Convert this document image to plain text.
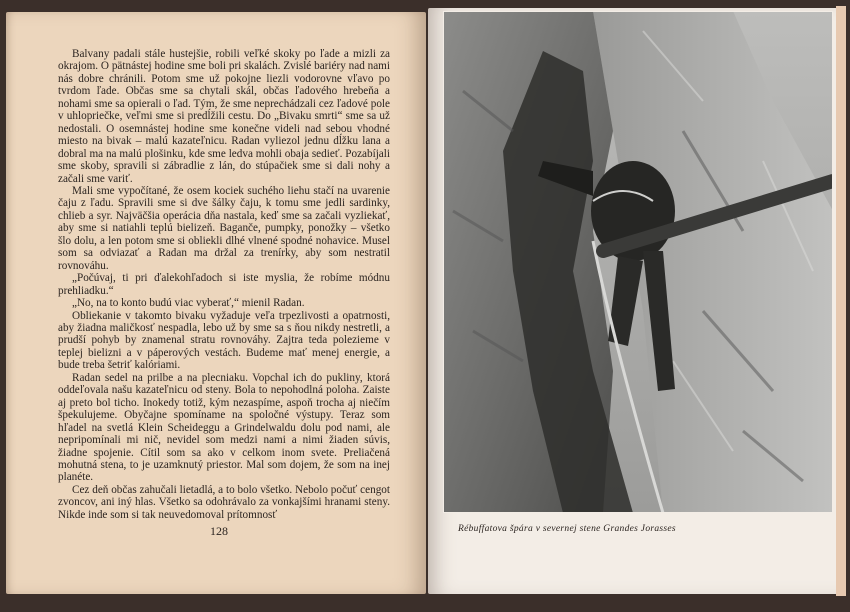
Balvany padali stále hustejšie, robili veľké skoky po ľade a mizli za okrajom. O pätnástej hodine sme boli pri skalách. Zvislé bariéry nad nami nás dobre chránili. Potom sme už pokojne liezli vodorovne vľavo po tvrdom ľade. Občas sme sa chytali skál, občas ľadového hrebeňa a nohami sme sa opierali o ľad. Tým, že sme neprechádzali cez ľadové pole v uhlopriečke, veľmi sme si predĺžili cestu. Do „Bivaku smrti“ sme sa už nedostali. O osemnástej hodine sme konečne videli nad sebou vhodné miesto na bivak – malú kazateľnicu. Radan vyliezol jednu dĺžku lana a dobral ma na malú plošinku, kde sme ledva mohli obaja sedieť. Pozabíjali sme skoby, spravili si zábradlie z lán, do stúpačiek sme si dali nohy a začali sme variť.

Mali sme vypočítané, že osem kociek suchého liehu stačí na uvarenie čaju z ľadu. Spravili sme si dve šálky čaju, k tomu sme jedli sardinky, chlieb a syr. Najväčšia operácia dňa nastala, keď sme sa začali vyzliekať, aby sme si natiahli teplú bielizeň. Bagančе, pumpky, ponožky – všetko šlo dolu, a len potom sme si obliekli dlhé vlnené spodné nohavice. Musel som sa odviazať a Radan ma držal za trenírky, aby som nestratil rovnováhu.

„Počúvaj, ti pri ďalekohľadoch si iste myslia, že robíme módnu prehliadku.“

„No, na to konto budú viac vyberať,“ mienil Radan.

Obliekanie v takomto bivaku vyžaduje veľa trpezlivosti a opatrnosti, aby žiadna maličkosť nespadla, lebo už by sme sa s ňou nikdy nestretli, a prudší pohyb by znamenal stratu rovnováhy. Zajtra teda polezieme v teplej bielizni a v páperových vestách. Budeme mať menej energie, a bude treba šetriť kalóriami.

Radan sedel na prilbe a na plecniaku. Vopchal ich do pukliny, ktorá oddeľovala našu kazateľnicu od steny. Bola to nepohodlná poloha. Zaiste aj preto bol ticho. Inokedy totiž, kým nezaspíme, aspoň trocha aj niečím špekulujeme. Obyčajne spomíname na spoločné výstupy. Teraz som hľadel na svetlá Klein Scheideggu a Grindelwaldu dolu pod nami, ale nepripomínali mi nič, nevidel som medzi nami a nimi žiaden súvis, žiadne spojenie. Cítil som sa ako v celkom inom svete. Preliačená mohutná stena, to je uzamknutý priestor. Mal som dojem, že som na inej planéte.

Cez deň občas zahučali lietadlá, a to bolo všetko. Nebolo počuť cengot zvoncov, ani iný hlas. Všetko sa odohrávalo za vonkajšími hranami steny. Nikde inde som si tak neuvedomoval prítomnosť

128	Rébuffatova špára v severnej stene Grandes Jorasses
